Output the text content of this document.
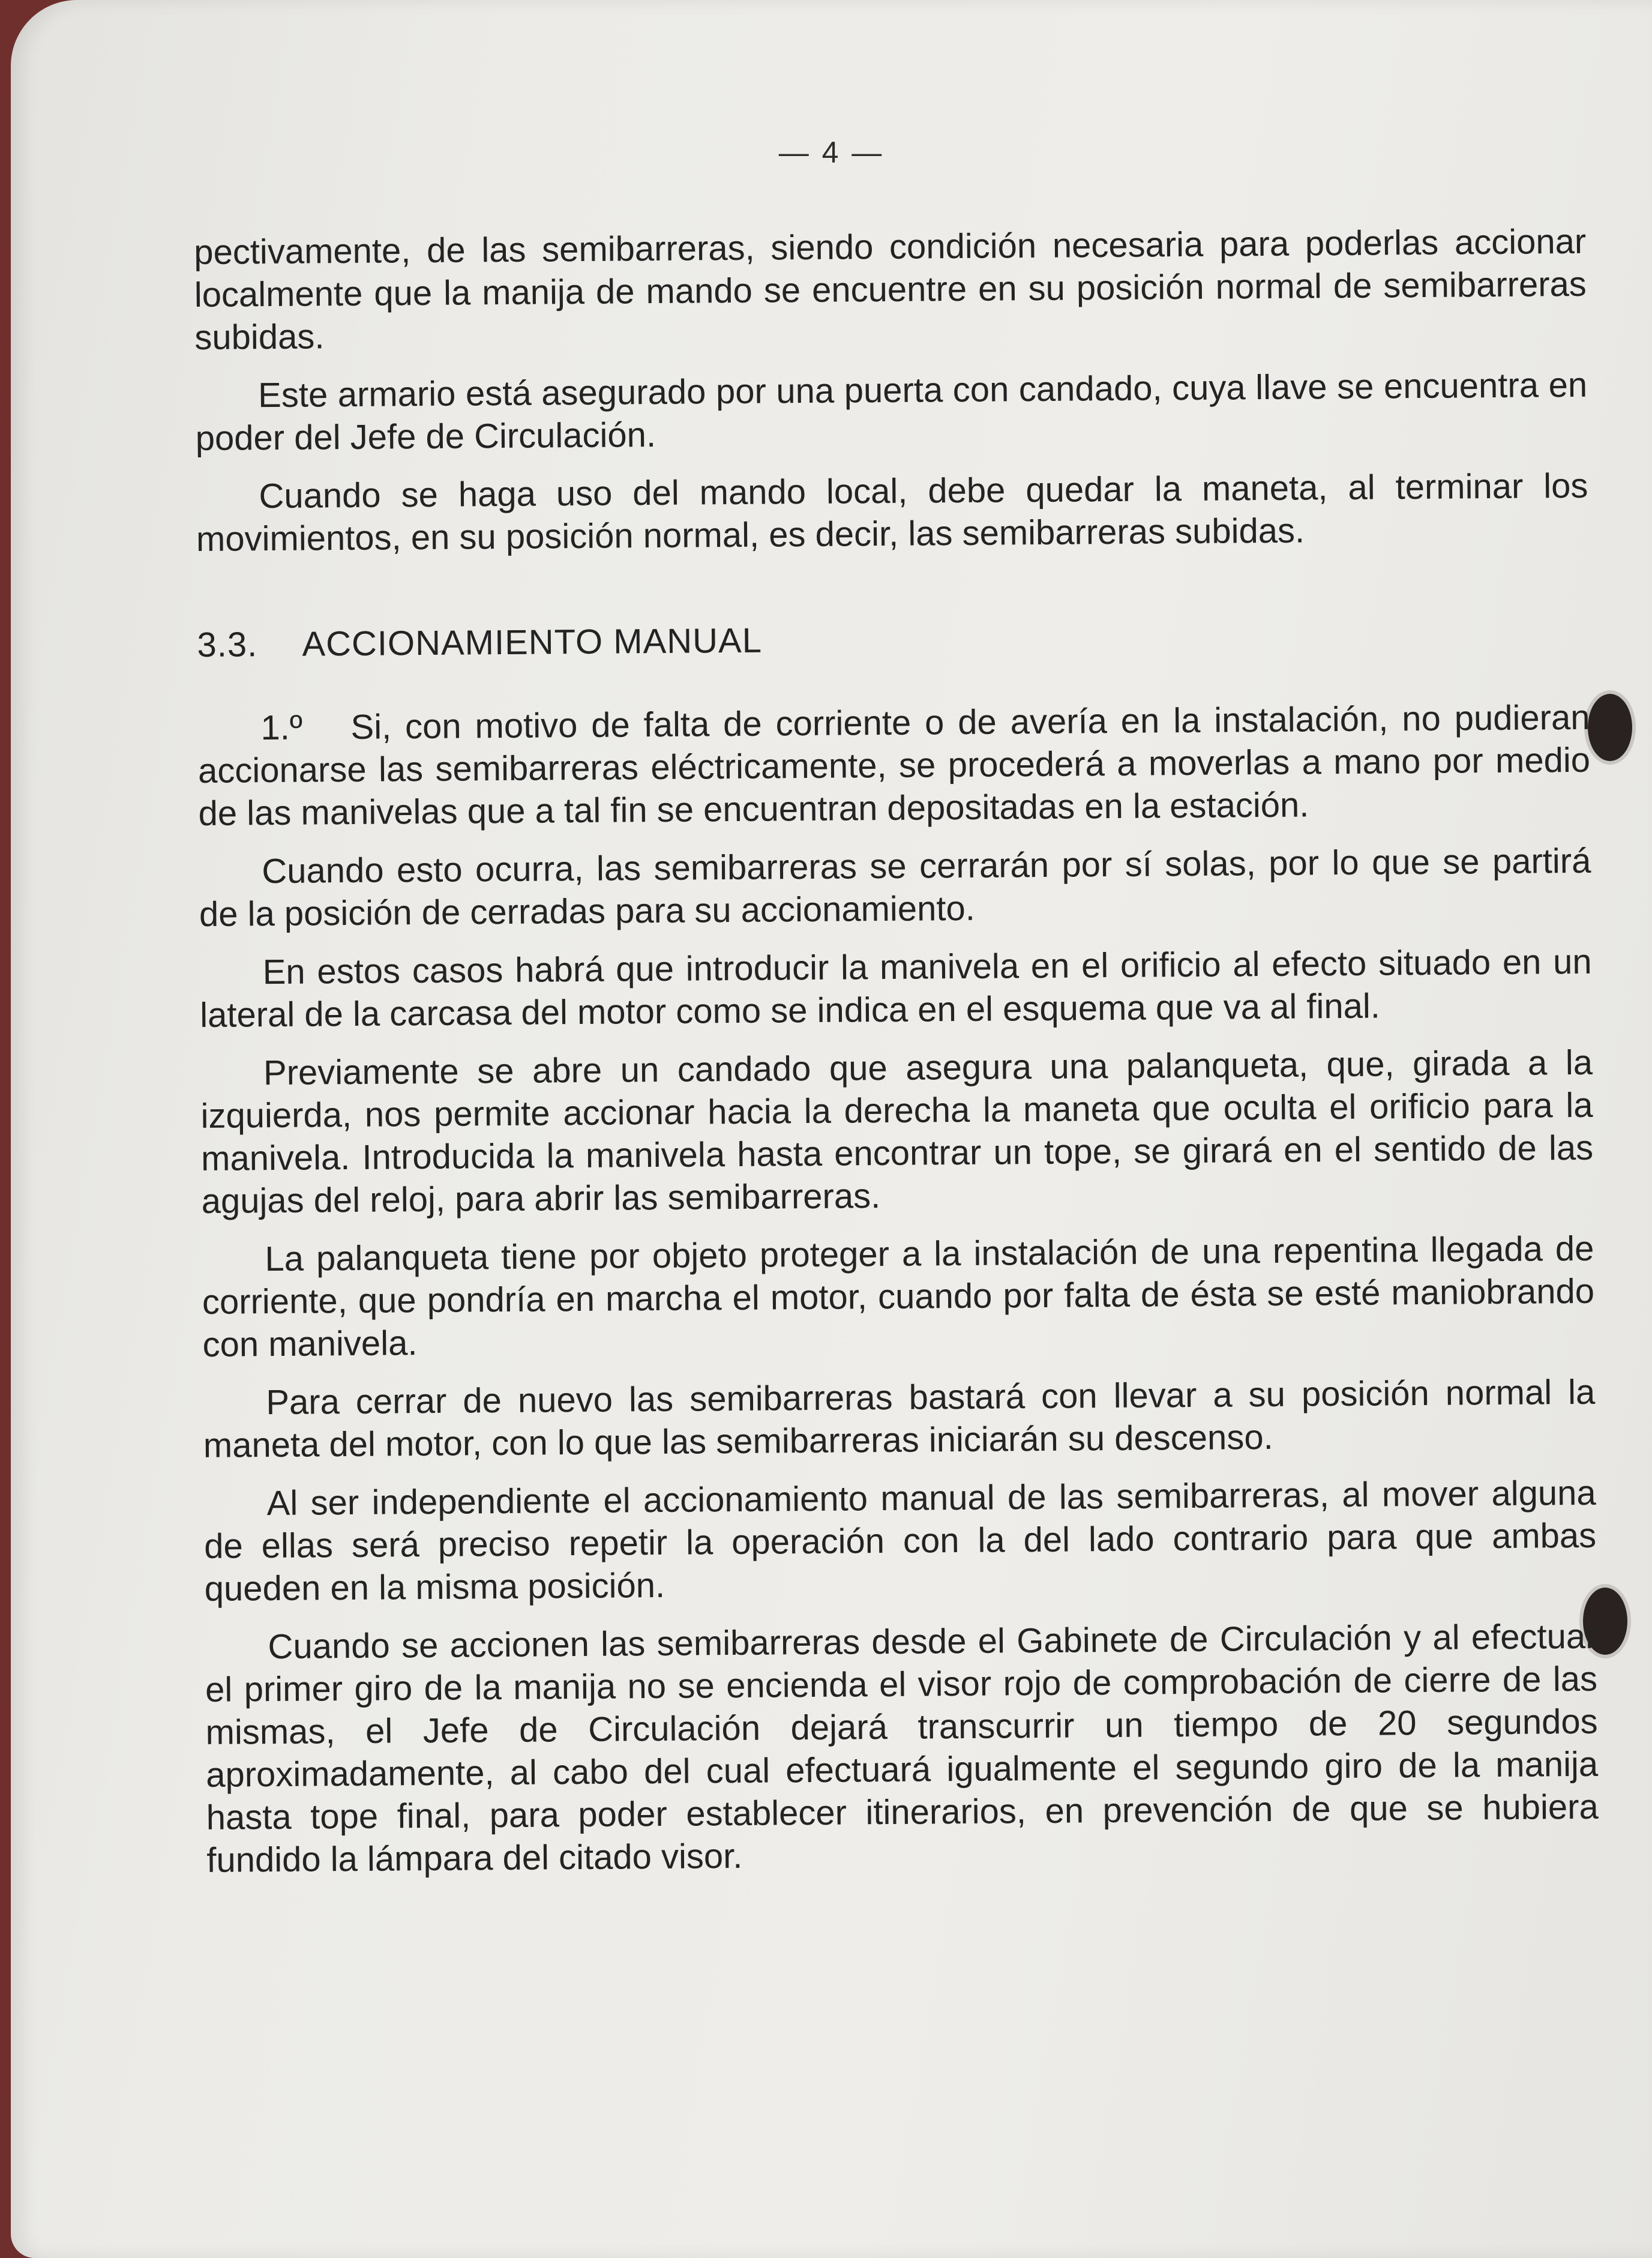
— 4 —

pectivamente, de las semibarreras, siendo condición necesaria para poderlas accionar localmente que la manija de mando se encuentre en su posición normal de semibarreras subidas.

Este armario está asegurado por una puerta con candado, cuya llave se encuentra en poder del Jefe de Circulación.

Cuando se haga uso del mando local, debe quedar la maneta, al terminar los movimientos, en su posición normal, es decir, las semibarreras subidas.

3.3. ACCIONAMIENTO MANUAL

1.º Si, con motivo de falta de corriente o de avería en la instalación, no pudieran accionarse las semibarreras eléctricamente, se procederá a moverlas a mano por medio de las manivelas que a tal fin se encuentran depositadas en la estación.

Cuando esto ocurra, las semibarreras se cerrarán por sí solas, por lo que se partirá de la posición de cerradas para su accionamiento.

En estos casos habrá que introducir la manivela en el orificio al efecto situado en un lateral de la carcasa del motor como se indica en el esquema que va al final.

Previamente se abre un candado que asegura una palanqueta, que, girada a la izquierda, nos permite accionar hacia la derecha la maneta que oculta el orificio para la manivela. Introducida la manivela hasta encontrar un tope, se girará en el sentido de las agujas del reloj, para abrir las semibarreras.

La palanqueta tiene por objeto proteger a la instalación de una repentina llegada de corriente, que pondría en marcha el motor, cuando por falta de ésta se esté maniobrando con manivela.

Para cerrar de nuevo las semibarreras bastará con llevar a su posición normal la maneta del motor, con lo que las semibarreras iniciarán su descenso.

Al ser independiente el accionamiento manual de las semibarreras, al mover alguna de ellas será preciso repetir la operación con la del lado contrario para que ambas queden en la misma posición.

Cuando se accionen las semibarreras desde el Gabinete de Circulación y al efectuar el primer giro de la manija no se encienda el visor rojo de comprobación de cierre de las mismas, el Jefe de Circulación dejará transcurrir un tiempo de 20 segundos aproximadamente, al cabo del cual efectuará igualmente el segundo giro de la manija hasta tope final, para poder establecer itinerarios, en prevención de que se hubiera fundido la lámpara del citado visor.
